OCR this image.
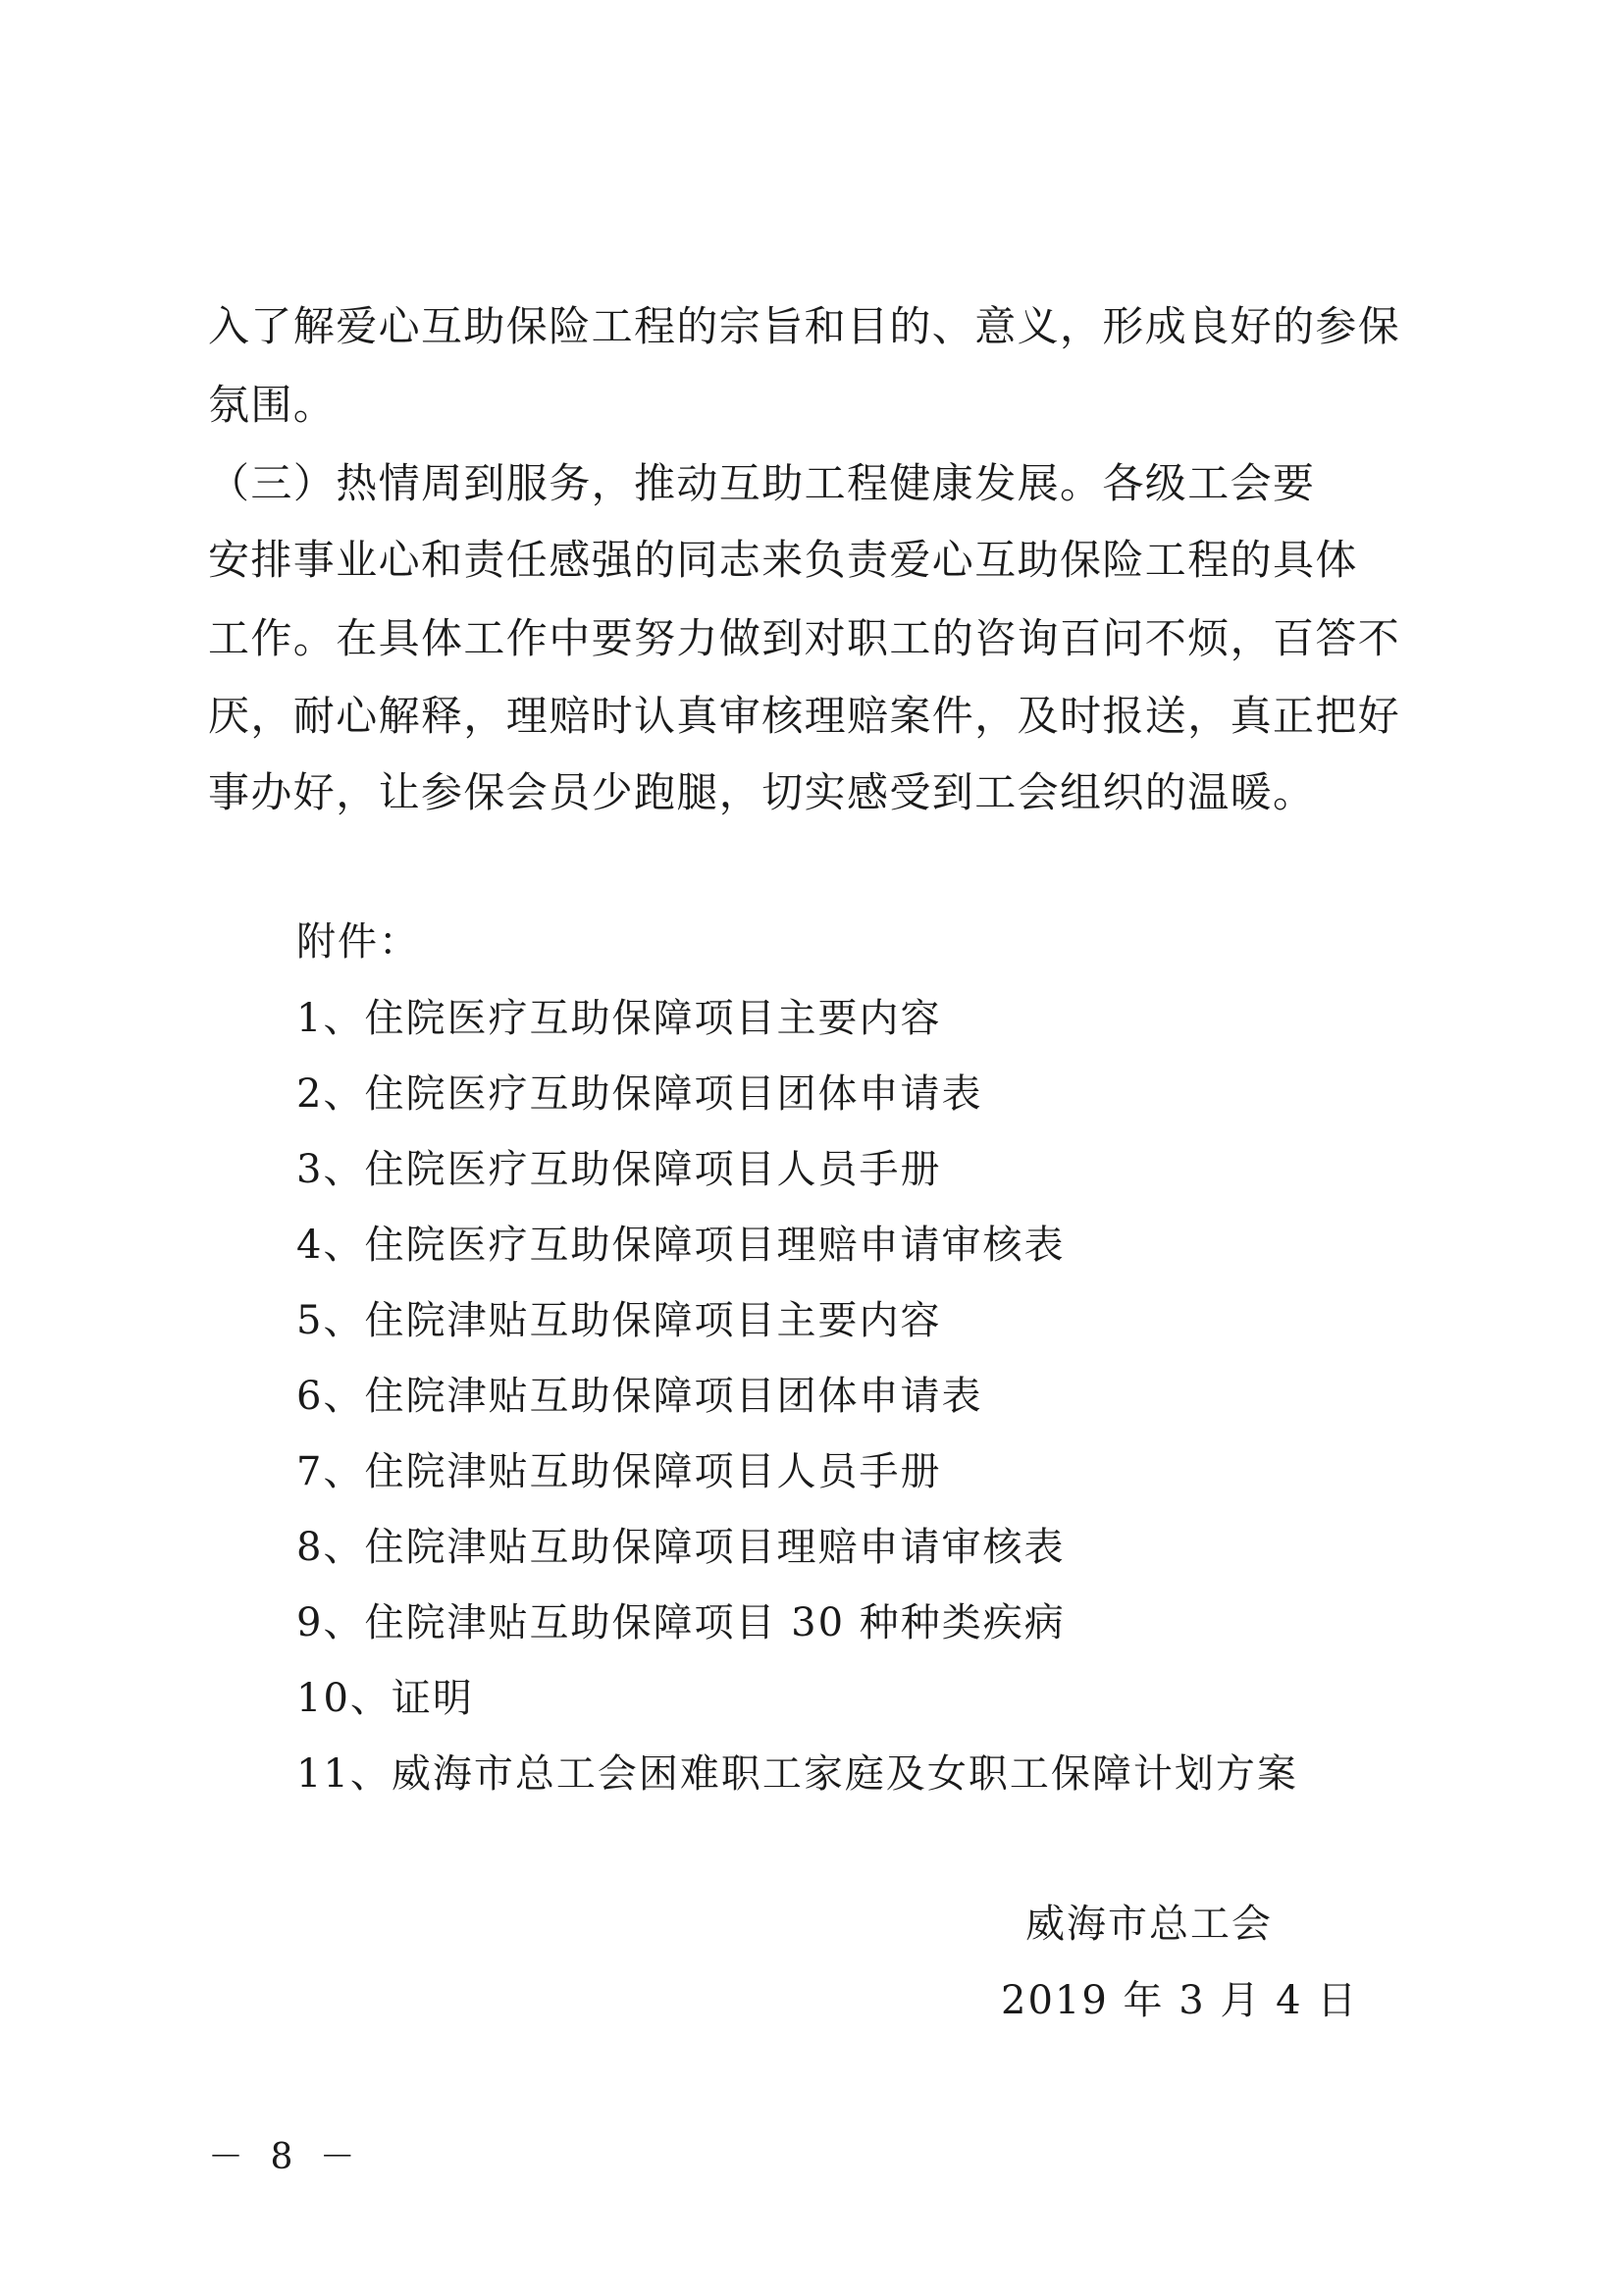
入了解爱心互助保险工程的宗旨和目的、意义，形成良好的参保
氛围。
（三）热情周到服务，推动互助工程健康发展。各级工会要
安排事业心和责任感强的同志来负责爱心互助保险工程的具体
工作。在具体工作中要努力做到对职工的咨询百问不烦，百答不
厌，耐心解释，理赔时认真审核理赔案件，及时报送，真正把好
事办好，让参保会员少跑腿，切实感受到工会组织的温暖。
附件：
1、住院医疗互助保障项目主要内容
2、住院医疗互助保障项目团体申请表
3、住院医疗互助保障项目人员手册
4、住院医疗互助保障项目理赔申请审核表
5、住院津贴互助保障项目主要内容
6、住院津贴互助保障项目团体申请表
7、住院津贴互助保障项目人员手册
8、住院津贴互助保障项目理赔申请审核表
9、住院津贴互助保障项目 30 种种类疾病
10、证明
11、威海市总工会困难职工家庭及女职工保障计划方案
威海市总工会
2019 年 3 月 4 日
－ 8 －
